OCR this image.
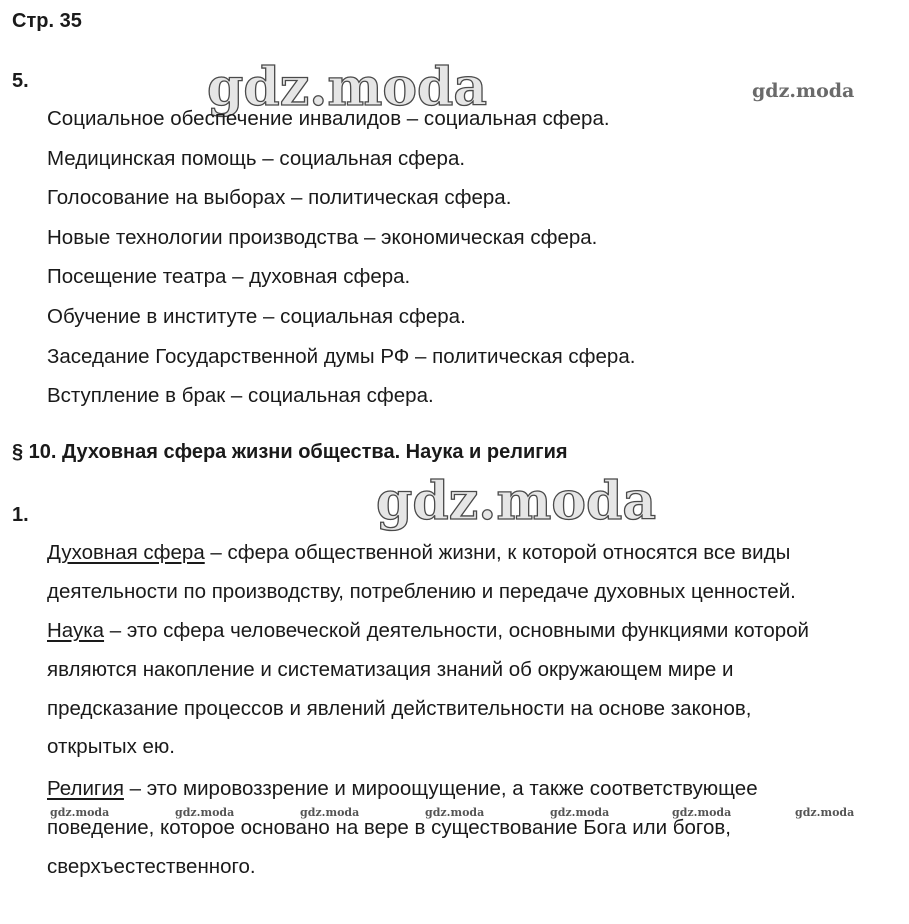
Стр. 35
gdz.moda	gdz.moda
gdz.moda
5.
Социальное обеспечение инвалидов – социальная сфера.
Медицинская помощь – социальная сфера.
Голосование на выборах – политическая сфера.
Новые технологии производства – экономическая сфера.
Посещение театра – духовная сфера.
Обучение в институте – социальная сфера.
Заседание Государственной думы РФ – политическая сфера.
Вступление в брак – социальная сфера.
§ 10. Духовная сфера жизни общества. Наука и религия
1.
Духовная сфера – сфера общественной жизни, к которой относятся все виды
деятельности по производству, потреблению и передаче духовных ценностей.
Наука – это сфера человеческой деятельности, основными функциями которой
являются накопление и систематизация знаний об окружающем мире и
предсказание процессов и явлений действительности на основе законов,
открытых ею.
Религия – это мировоззрение и мироощущение, а также соответствующее
поведение, которое основано на вере в существование Бога или богов,
сверхъестественного.
gdz.moda	gdz.moda	gdz.moda	gdz.moda	gdz.moda	gdz.moda	gdz.moda
